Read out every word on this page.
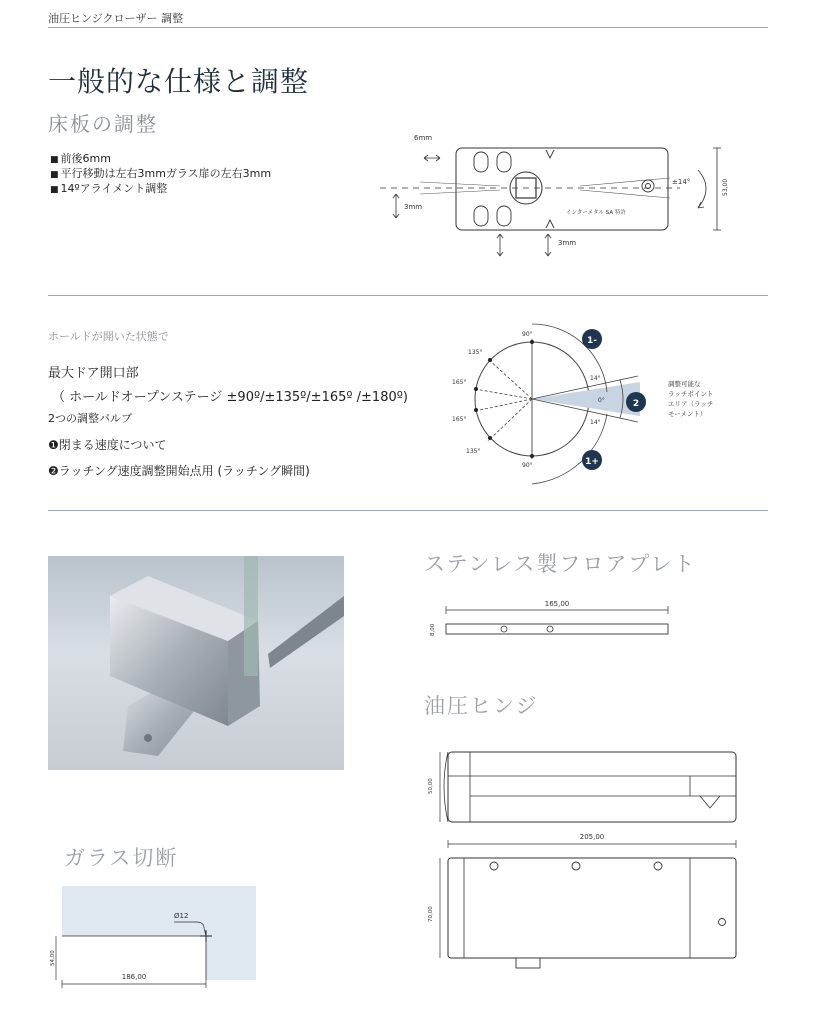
油圧ヒンジクローザー 調整
一般的な仕様と調整
床板の調整
■ 前後6mm
■ 平行移動は左右3mmガラス扉の左右3mm
■ 14ºアライメント調整
6mm
±14°	53,00
3mm
3mm
インターメタル SA 特許
ホールドが開いた状態で
最大ドア開口部
（ ホールドオープンステージ ±90º/±135º/±165º /±180º)
2つの調整バルブ
❶閉まる速度について
❷ラッチング速度調整開始点用 (ラッチング瞬間)
90°
90°
135°
135°
165°
165°
14°
14°
0°
1-
1+
2
調整可能な
ラッチポイント
エリア（ラッチ
モーメント）
ステンレス製フロアプレト
165,00
8,00
油圧ヒンジ
50,00
205,00
70,00
ガラス切断
Ø12
54,00
186,00
